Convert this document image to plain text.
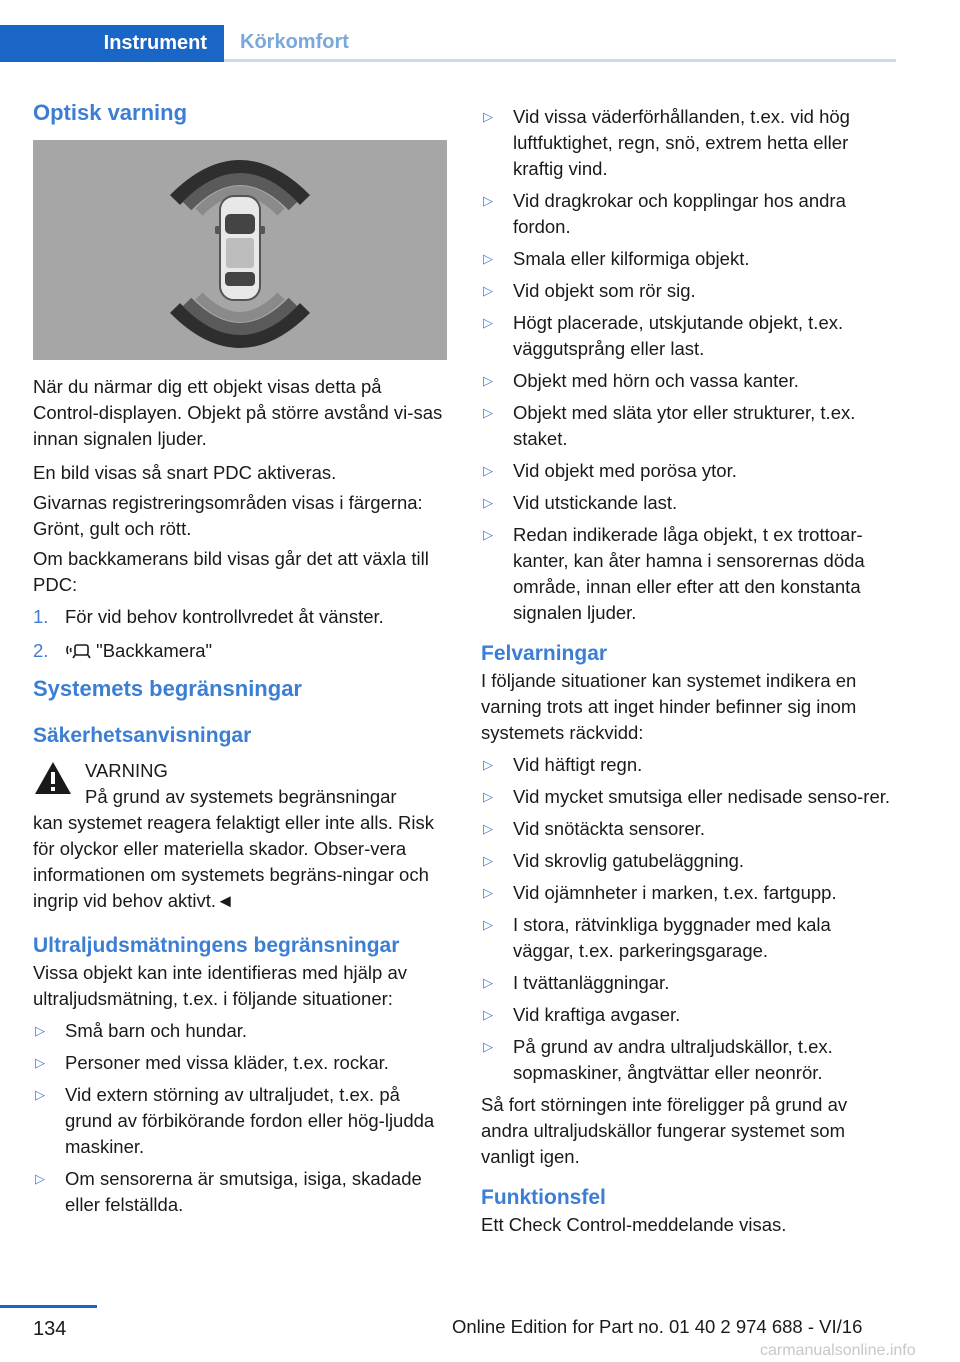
Instrument	Körkomfort
Optisk varning

När du närmar dig ett objekt visas detta på Control-displayen. Objekt på större avstånd vi-sas innan signalen ljuder.

En bild visas så snart PDC aktiveras.

Givarnas registreringsområden visas i färgerna: Grönt, gult och rött.

Om backkamerans bild visas går det att växla till PDC:

1. För vid behov kontrollvredet åt vänster.
2.	"Backkamera"
Systemets begränsningar
Säkerhetsanvisningar

VARNING

På grund av systemets begränsningar

kan systemet reagera felaktigt eller inte alls. Risk för olyckor eller materiella skador. Obser-vera informationen om systemets begräns-ningar och ingrip vid behov aktivt.◄

Ultraljudsmätningens begränsningar

Vissa objekt kan inte identifieras med hjälp av ultraljudsmätning, t.ex. i följande situationer:

▷ Små barn och hundar.
▷ Personer med vissa kläder, t.ex. rockar.
▷ Vid extern störning av ultraljudet, t.ex. på grund av förbikörande fordon eller hög-ljudda maskiner.
▷ Om sensorerna är smutsiga, isiga, skadade eller felställda.
▷ Vid vissa väderförhållanden, t.ex. vid hög luftfuktighet, regn, snö, extrem hetta eller kraftig vind.
▷ Vid dragkrokar och kopplingar hos andra fordon.
▷ Smala eller kilformiga objekt.
▷ Vid objekt som rör sig.
▷ Högt placerade, utskjutande objekt, t.ex. väggutsprång eller last.
▷ Objekt med hörn och vassa kanter.
▷ Objekt med släta ytor eller strukturer, t.ex. staket.
▷ Vid objekt med porösa ytor.
▷ Vid utstickande last.
▷ Redan indikerade låga objekt, t ex trottoar-kanter, kan åter hamna i sensorernas döda område, innan eller efter att den konstanta signalen ljuder.
Felvarningar

I följande situationer kan systemet indikera en varning trots att inget hinder befinner sig inom systemets räckvidd:

▷ Vid häftigt regn.
▷ Vid mycket smutsiga eller nedisade senso-rer.
▷ Vid snötäckta sensorer.
▷ Vid skrovlig gatubeläggning.
▷ Vid ojämnheter i marken, t.ex. fartgupp.
▷ I stora, rätvinkliga byggnader med kala väggar, t.ex. parkeringsgarage.
▷ I tvättanläggningar.
▷ Vid kraftiga avgaser.
▷ På grund av andra ultraljudskällor, t.ex. sopmaskiner, ångtvättar eller neonrör.

Så fort störningen inte föreligger på grund av andra ultraljudskällor fungerar systemet som vanligt igen.

Funktionsfel

Ett Check Control-meddelande visas.

134	Online Edition for Part no. 01 40 2 974 688 - VI/16
carmanualsonline.info
